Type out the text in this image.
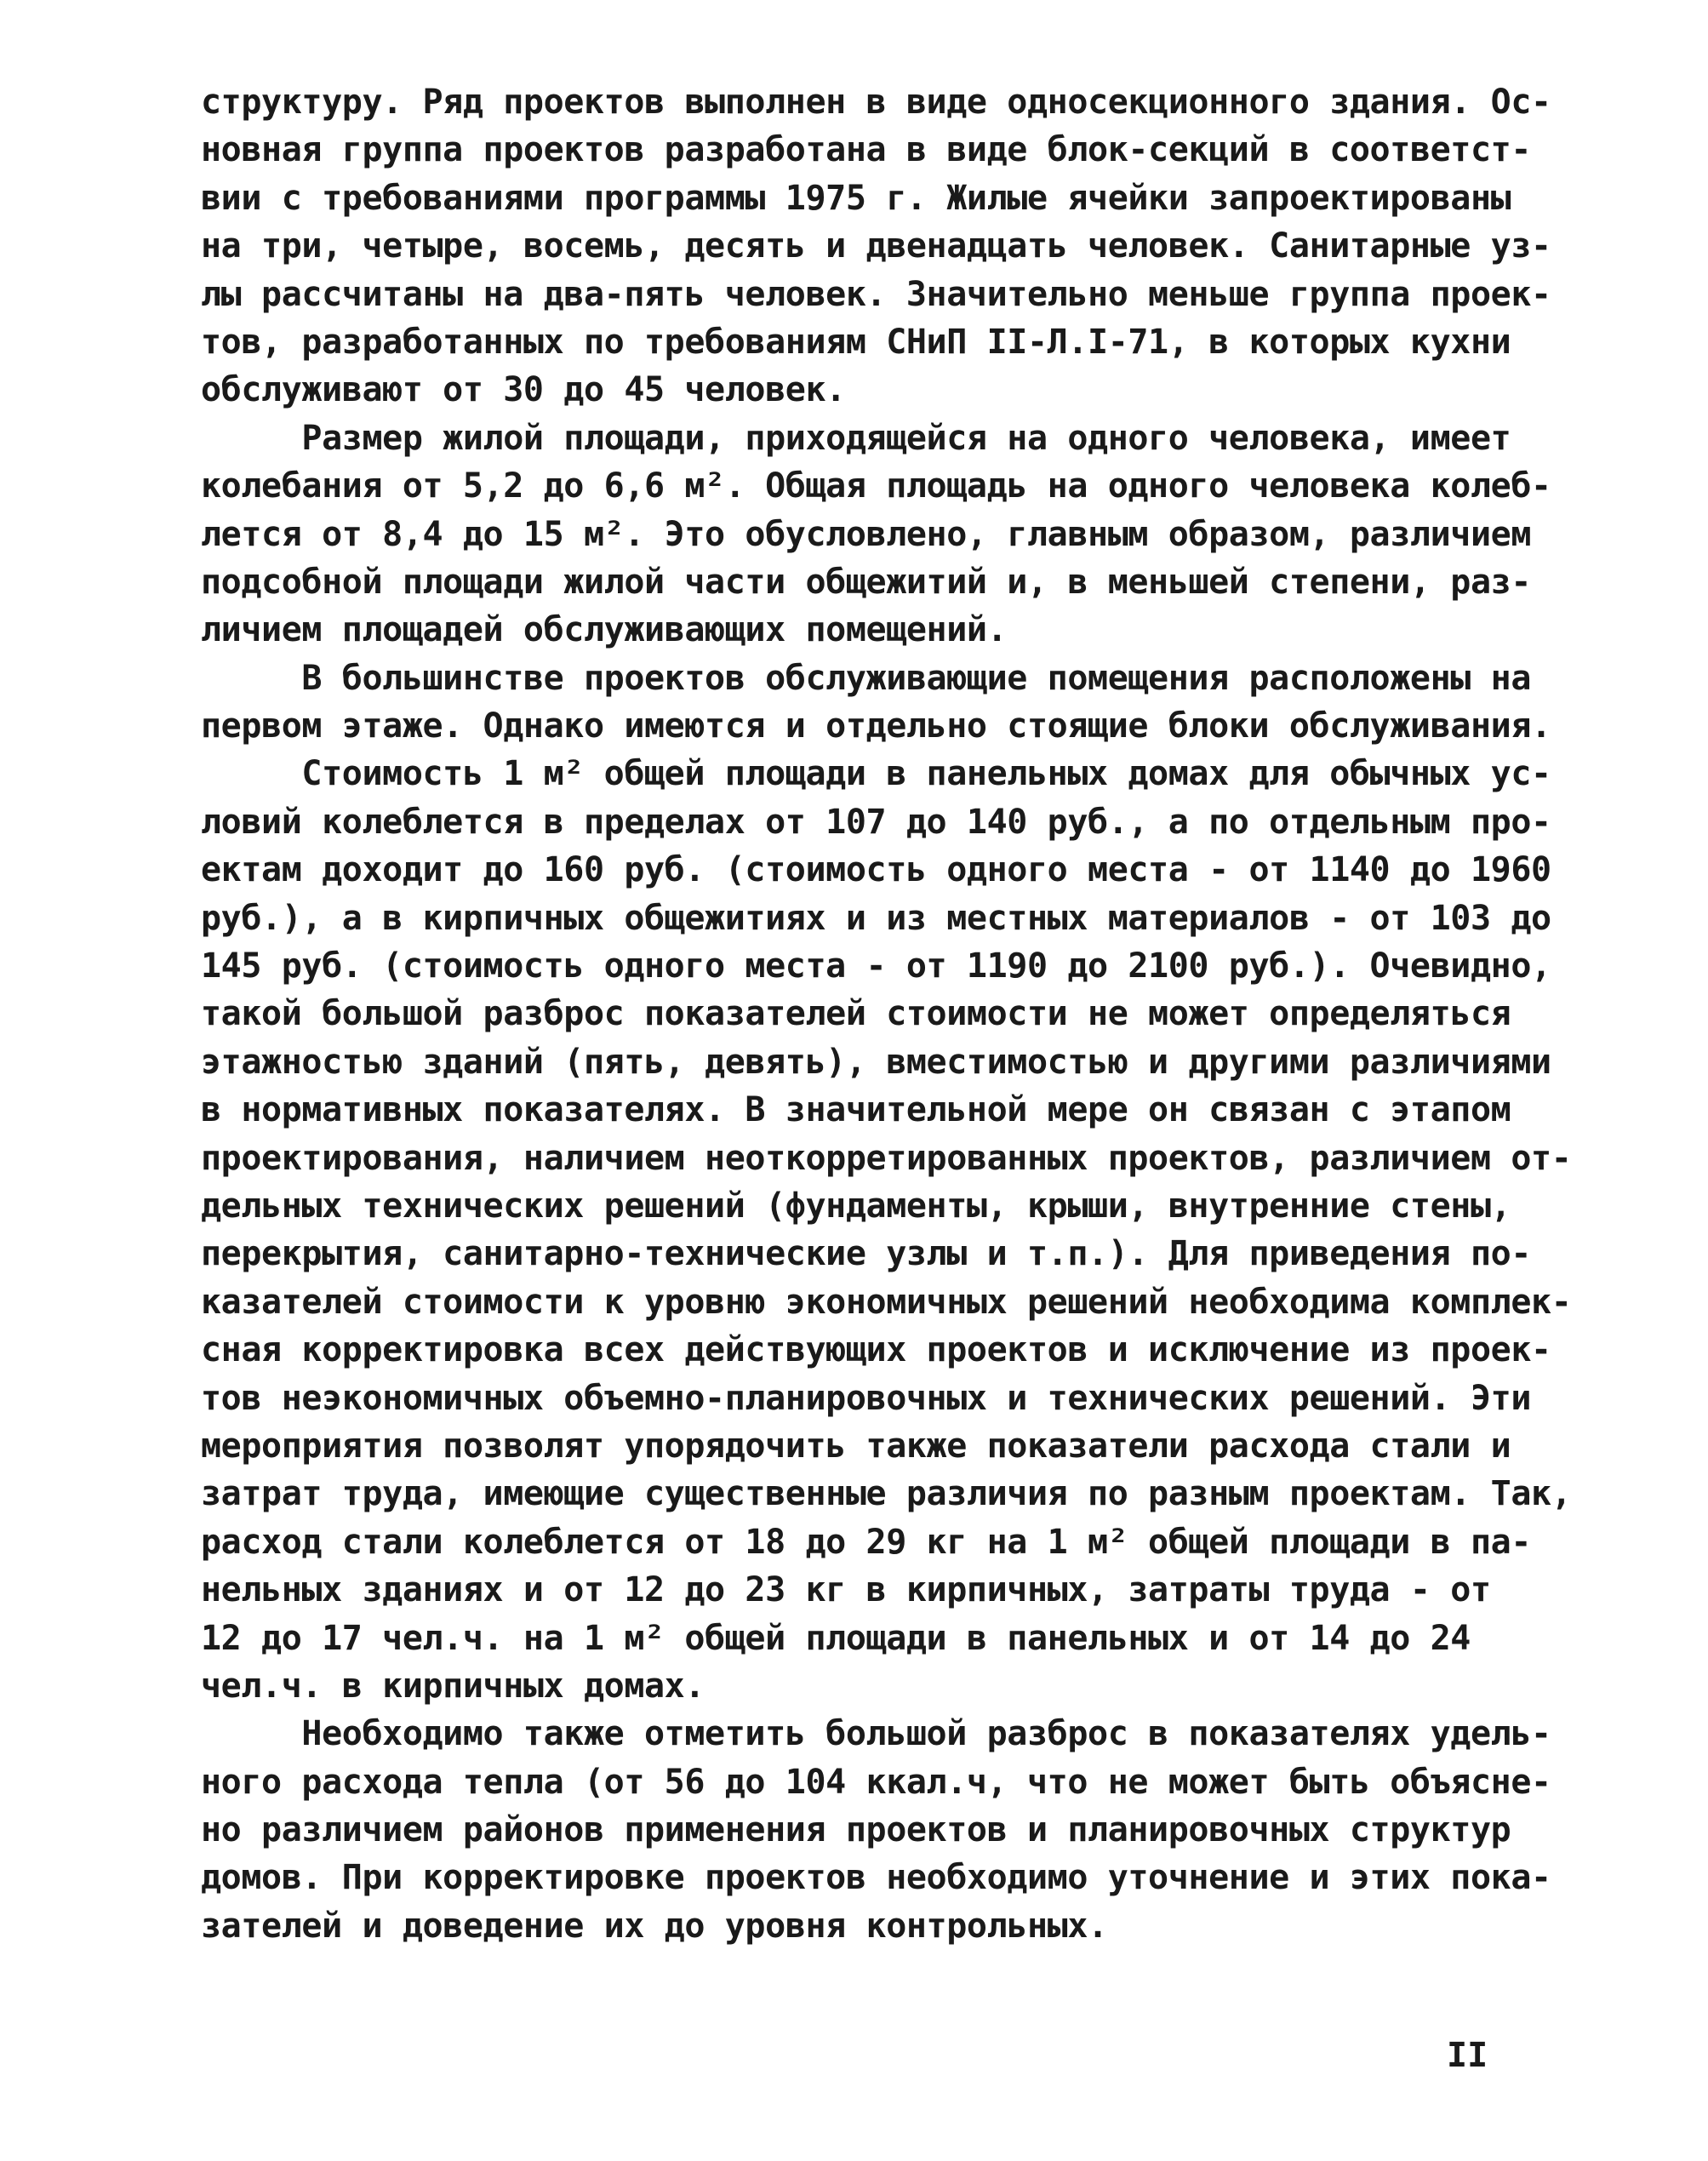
структуру. Ряд проектов выполнен в виде односекционного здания. Ос-
новная группа проектов разработана в виде блок-секций в соответст-
вии с требованиями программы 1975 г. Жилые ячейки запроектированы
на три, четыре, восемь, десять и двенадцать человек. Санитарные уз-
лы рассчитаны на два-пять человек. Значительно меньше группа проек-
тов, разработанных по требованиям СНиП II-Л.I-71, в которых кухни
обслуживают от 30 до 45 человек.
Размер жилой площади, приходящейся на одного человека, имеет
колебания от 5,2 до 6,6 м². Общая площадь на одного человека колеб-
лется от 8,4 до 15 м². Это обусловлено, главным образом, различием
подсобной площади жилой части общежитий и, в меньшей степени, раз-
личием площадей обслуживающих помещений.
В большинстве проектов обслуживающие помещения расположены на
первом этаже. Однако имеются и отдельно стоящие блоки обслуживания.
Стоимость 1 м² общей площади в панельных домах для обычных ус-
ловий колеблется в пределах от 107 до 140 руб., а по отдельным про-
ектам доходит до 160 руб. (стоимость одного места - от 1140 до 1960
руб.), а в кирпичных общежитиях и из местных материалов - от 103 до
145 руб. (стоимость одного места - от 1190 до 2100 руб.). Очевидно,
такой большой разброс показателей стоимости не может определяться
этажностью зданий (пять, девять), вместимостью и другими различиями
в нормативных показателях. В значительной мере он связан с этапом
проектирования, наличием неоткорретированных проектов, различием от-
дельных технических решений (фундаменты, крыши, внутренние стены,
перекрытия, санитарно-технические узлы и т.п.). Для приведения по-
казателей стоимости к уровню экономичных решений необходима комплек-
сная корректировка всех действующих проектов и исключение из проек-
тов неэкономичных объемно-планировочных и технических решений. Эти
мероприятия позволят упорядочить также показатели расхода стали и
затрат труда, имеющие существенные различия по разным проектам. Так,
расход стали колеблется от 18 до 29 кг на 1 м² общей площади в па-
нельных зданиях и от 12 до 23 кг в кирпичных, затраты труда - от
12 до 17 чел.ч. на 1 м² общей площади в панельных и от 14 до 24
чел.ч. в кирпичных домах.
Необходимо также отметить большой разброс в показателях удель-
ного расхода тепла (от 56 до 104 ккал.ч, что не может быть объясне-
но различием районов применения проектов и планировочных структур
домов. При корректировке проектов необходимо уточнение и этих пока-
зателей и доведение их до уровня контрольных.
II
